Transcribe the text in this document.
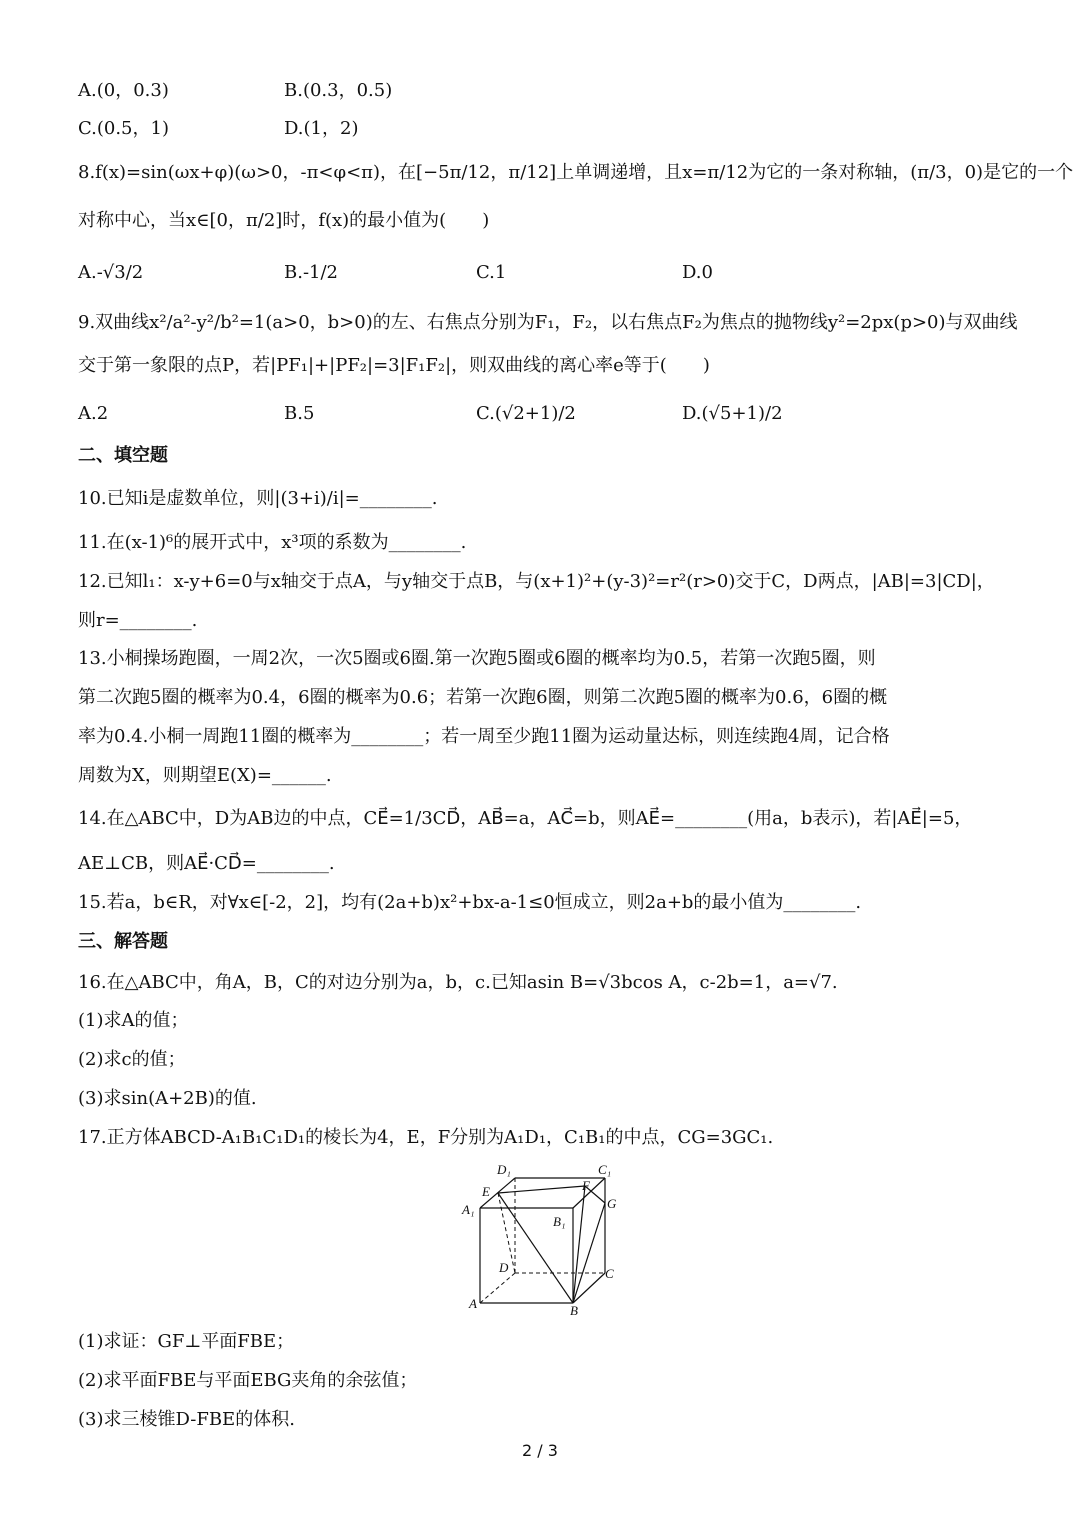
A.(0，0.3)	B.(0.3，0.5)
C.(0.5，1)	D.(1，2)
8.f(x)=sin(ωx+φ)(ω>0，-π<φ<π)，在[−5π/12，π/12]上单调递增，且x=π/12为它的一条对称轴，(π/3，0)是它的一个
对称中心，当x∈[0，π/2]时，f(x)的最小值为(　　)
A.-√3/2	B.-1/2	C.1	D.0
9.双曲线x²/a²-y²/b²=1(a>0，b>0)的左、右焦点分别为F₁，F₂，以右焦点F₂为焦点的抛物线y²=2px(p>0)与双曲线
交于第一象限的点P，若|PF₁|+|PF₂|=3|F₁F₂|，则双曲线的离心率e等于(　　)
A.2	B.5	C.(√2+1)/2	D.(√5+1)/2
二、填空题
10.已知i是虚数单位，则|(3+i)/i|=________.
11.在(x-1)⁶的展开式中，x³项的系数为________.
12.已知l₁：x-y+6=0与x轴交于点A，与y轴交于点B，与(x+1)²+(y-3)²=r²(r>0)交于C，D两点，|AB|=3|CD|，
则r=________.
13.小桐操场跑圈，一周2次，一次5圈或6圈.第一次跑5圈或6圈的概率均为0.5，若第一次跑5圈，则
第二次跑5圈的概率为0.4，6圈的概率为0.6；若第一次跑6圈，则第二次跑5圈的概率为0.6，6圈的概
率为0.4.小桐一周跑11圈的概率为________；若一周至少跑11圈为运动量达标，则连续跑4周，记合格
周数为X，则期望E(X)=______.
14.在△ABC中，D为AB边的中点，CE⃗=1/3CD⃗，AB⃗=a，AC⃗=b，则AE⃗=________(用a，b表示)，若|AE⃗|=5，
AE⊥CB，则AE⃗·CD⃗=________.
15.若a，b∈R，对∀x∈[-2，2]，均有(2a+b)x²+bx-a-1≤0恒成立，则2a+b的最小值为________.
三、解答题
16.在△ABC中，角A，B，C的对边分别为a，b，c.已知asin B=√3bcos A，c-2b=1，a=√7.
(1)求A的值；
(2)求c的值；
(3)求sin(A+2B)的值.
17.正方体ABCD-A₁B₁C₁D₁的棱长为4，E，F分别为A₁D₁，C₁B₁的中点，CG=3GC₁.
D₁	C₁
E	F
G
A₁
B₁
D	C
A	B
(1)求证：GF⊥平面FBE；
(2)求平面FBE与平面EBG夹角的余弦值；
(3)求三棱锥D-FBE的体积.
2 / 3
